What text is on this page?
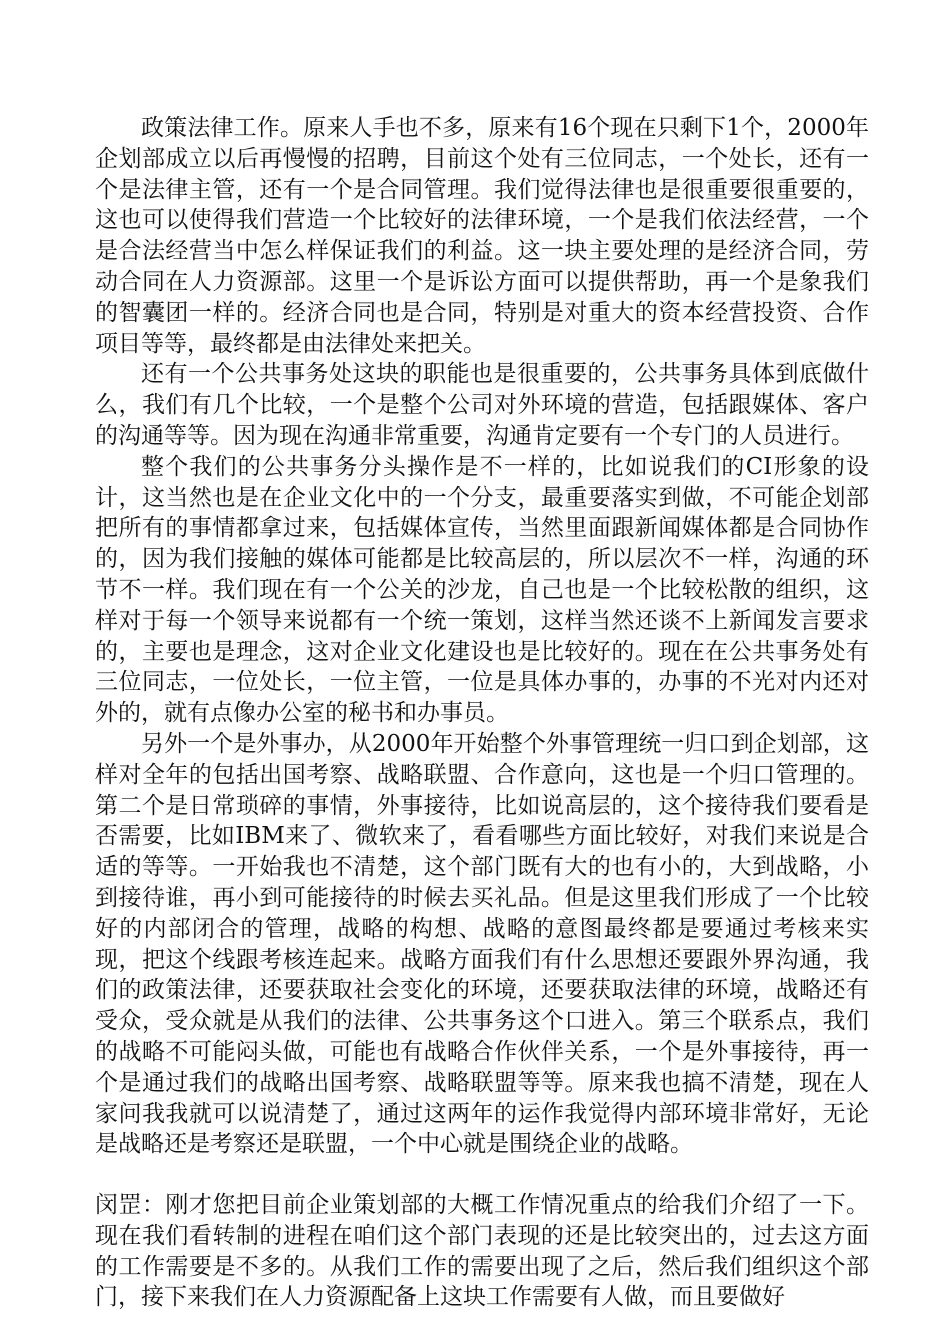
政策法律工作。原来人手也不多，原来有16个现在只剩下1个，2000年企划部成立以后再慢慢的招聘，目前这个处有三位同志，一个处长，还有一个是法律主管，还有一个是合同管理。我们觉得法律也是很重要很重要的，这也可以使得我们营造一个比较好的法律环境，一个是我们依法经营，一个是合法经营当中怎么样保证我们的利益。这一块主要处理的是经济合同，劳动合同在人力资源部。这里一个是诉讼方面可以提供帮助，再一个是象我们的智囊团一样的。经济合同也是合同，特别是对重大的资本经营投资、合作项目等等，最终都是由法律处来把关。

还有一个公共事务处这块的职能也是很重要的，公共事务具体到底做什么，我们有几个比较，一个是整个公司对外环境的营造，包括跟媒体、客户的沟通等等。因为现在沟通非常重要，沟通肯定要有一个专门的人员进行。

整个我们的公共事务分头操作是不一样的，比如说我们的CI形象的设计，这当然也是在企业文化中的一个分支，最重要落实到做，不可能企划部把所有的事情都拿过来，包括媒体宣传，当然里面跟新闻媒体都是合同协作的，因为我们接触的媒体可能都是比较高层的，所以层次不一样，沟通的环节不一样。我们现在有一个公关的沙龙，自己也是一个比较松散的组织，这样对于每一个领导来说都有一个统一策划，这样当然还谈不上新闻发言要求的，主要也是理念，这对企业文化建设也是比较好的。现在在公共事务处有三位同志，一位处长，一位主管，一位是具体办事的，办事的不光对内还对外的，就有点像办公室的秘书和办事员。

另外一个是外事办，从2000年开始整个外事管理统一归口到企划部，这样对全年的包括出国考察、战略联盟、合作意向，这也是一个归口管理的。第二个是日常琐碎的事情，外事接待，比如说高层的，这个接待我们要看是否需要，比如IBM来了、微软来了，看看哪些方面比较好，对我们来说是合适的等等。一开始我也不清楚，这个部门既有大的也有小的，大到战略，小到接待谁，再小到可能接待的时候去买礼品。但是这里我们形成了一个比较好的内部闭合的管理，战略的构想、战略的意图最终都是要通过考核来实现，把这个线跟考核连起来。战略方面我们有什么思想还要跟外界沟通，我们的政策法律，还要获取社会变化的环境，还要获取法律的环境，战略还有受众，受众就是从我们的法律、公共事务这个口进入。第三个联系点，我们的战略不可能闷头做，可能也有战略合作伙伴关系，一个是外事接待，再一个是通过我们的战略出国考察、战略联盟等等。原来我也搞不清楚，现在人家问我我就可以说清楚了，通过这两年的运作我觉得内部环境非常好，无论是战略还是考察还是联盟，一个中心就是围绕企业的战略。

闵罡：刚才您把目前企业策划部的大概工作情况重点的给我们介绍了一下。现在我们看转制的进程在咱们这个部门表现的还是比较突出的，过去这方面的工作需要是不多的。从我们工作的需要出现了之后，然后我们组织这个部门，接下来我们在人力资源配备上这块工作需要有人做，而且要做好
